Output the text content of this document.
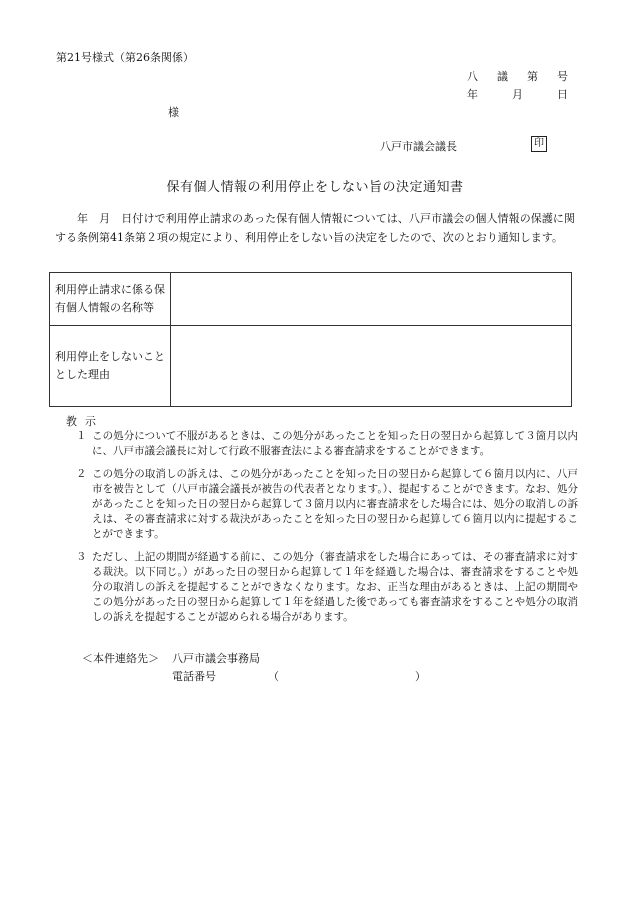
第21号様式（第26条関係）
八　議　第　号
年　　月　　日
様
八戸市議会議長	印
保有個人情報の利用停止をしない旨の決定通知書
年　月　日付けで利用停止請求のあった保有個人情報については、八戸市議会の個人情報の保護に関する条例第41条第２項の規定により、利用停止をしない旨の決定をしたので、次のとおり通知します。
利用停止請求に係る保有個人情報の名称等	
利用停止をしないこととした理由	
教示
１ この処分について不服があるときは、この処分があったことを知った日の翌日から起算して３箇月以内に、八戸市議会議長に対して行政不服審査法による審査請求をすることができます。
２ この処分の取消しの訴えは、この処分があったことを知った日の翌日から起算して６箇月以内に、八戸市を被告として（八戸市議会議長が被告の代表者となります。）、提起することができます。なお、処分があったことを知った日の翌日から起算して３箇月以内に審査請求をした場合には、処分の取消しの訴えは、その審査請求に対する裁決があったことを知った日の翌日から起算して６箇月以内に提起することができます。
３ ただし、上記の期間が経過する前に、この処分（審査請求をした場合にあっては、その審査請求に対する裁決。以下同じ。）があった日の翌日から起算して１年を経過した場合は、審査請求をすることや処分の取消しの訴えを提起することができなくなります。なお、正当な理由があるときは、上記の期間やこの処分があった日の翌日から起算して１年を経過した後であっても審査請求をすることや処分の取消しの訴えを提起することが認められる場合があります。
＜本件連絡先＞ 八戸市議会事務局
電話番号	（　　）
